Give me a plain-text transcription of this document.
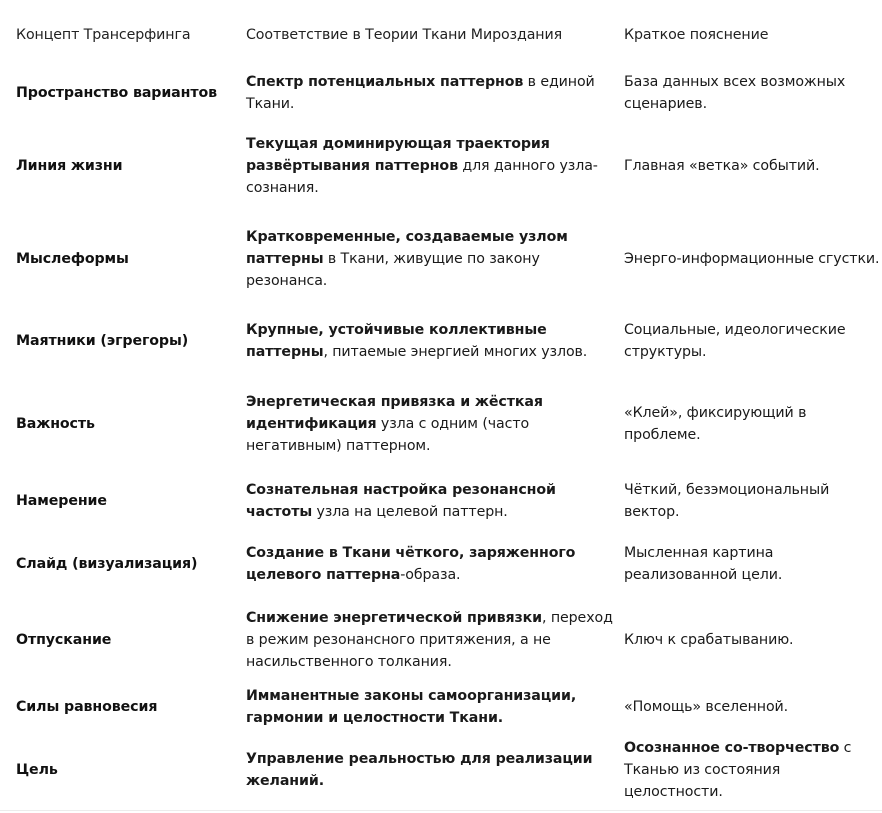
Концепт Трансерфинга	Соответствие в Теории Ткани Мироздания	Краткое пояснение
Пространство вариантов
Спектр потенциальных паттернов в единой Ткани.
База данных всех возможных сценариев.
Линия жизни
Текущая доминирующая траектория развёртывания паттернов для данного узла-сознания.
Главная «ветка» событий.
Мыслеформы
Кратковременные, создаваемые узлом паттерны в Ткани, живущие по закону резонанса.
Энерго-информационные сгустки.
Маятники (эгрегоры)
Крупные, устойчивые коллективные паттерны, питаемые энергией многих узлов.
Социальные, идеологические структуры.
Важность
Энергетическая привязка и жёсткая идентификация узла с одним (часто негативным) паттерном.
«Клей», фиксирующий в проблеме.
Намерение
Сознательная настройка резонансной частоты узла на целевой паттерн.
Чёткий, безэмоциональный вектор.
Слайд (визуализация)
Создание в Ткани чёткого, заряженного целевого паттерна-образа.
Мысленная картина реализованной цели.
Отпускание
Снижение энергетической привязки, переход в режим резонансного притяжения, а не насильственного толкания.
Ключ к срабатыванию.
Силы равновесия
Имманентные законы самоорганизации, гармонии и целостности Ткани.
«Помощь» вселенной.
Цель
Управление реальностью для реализации желаний.
Осознанное со-творчество с Тканью из состояния целостности.
